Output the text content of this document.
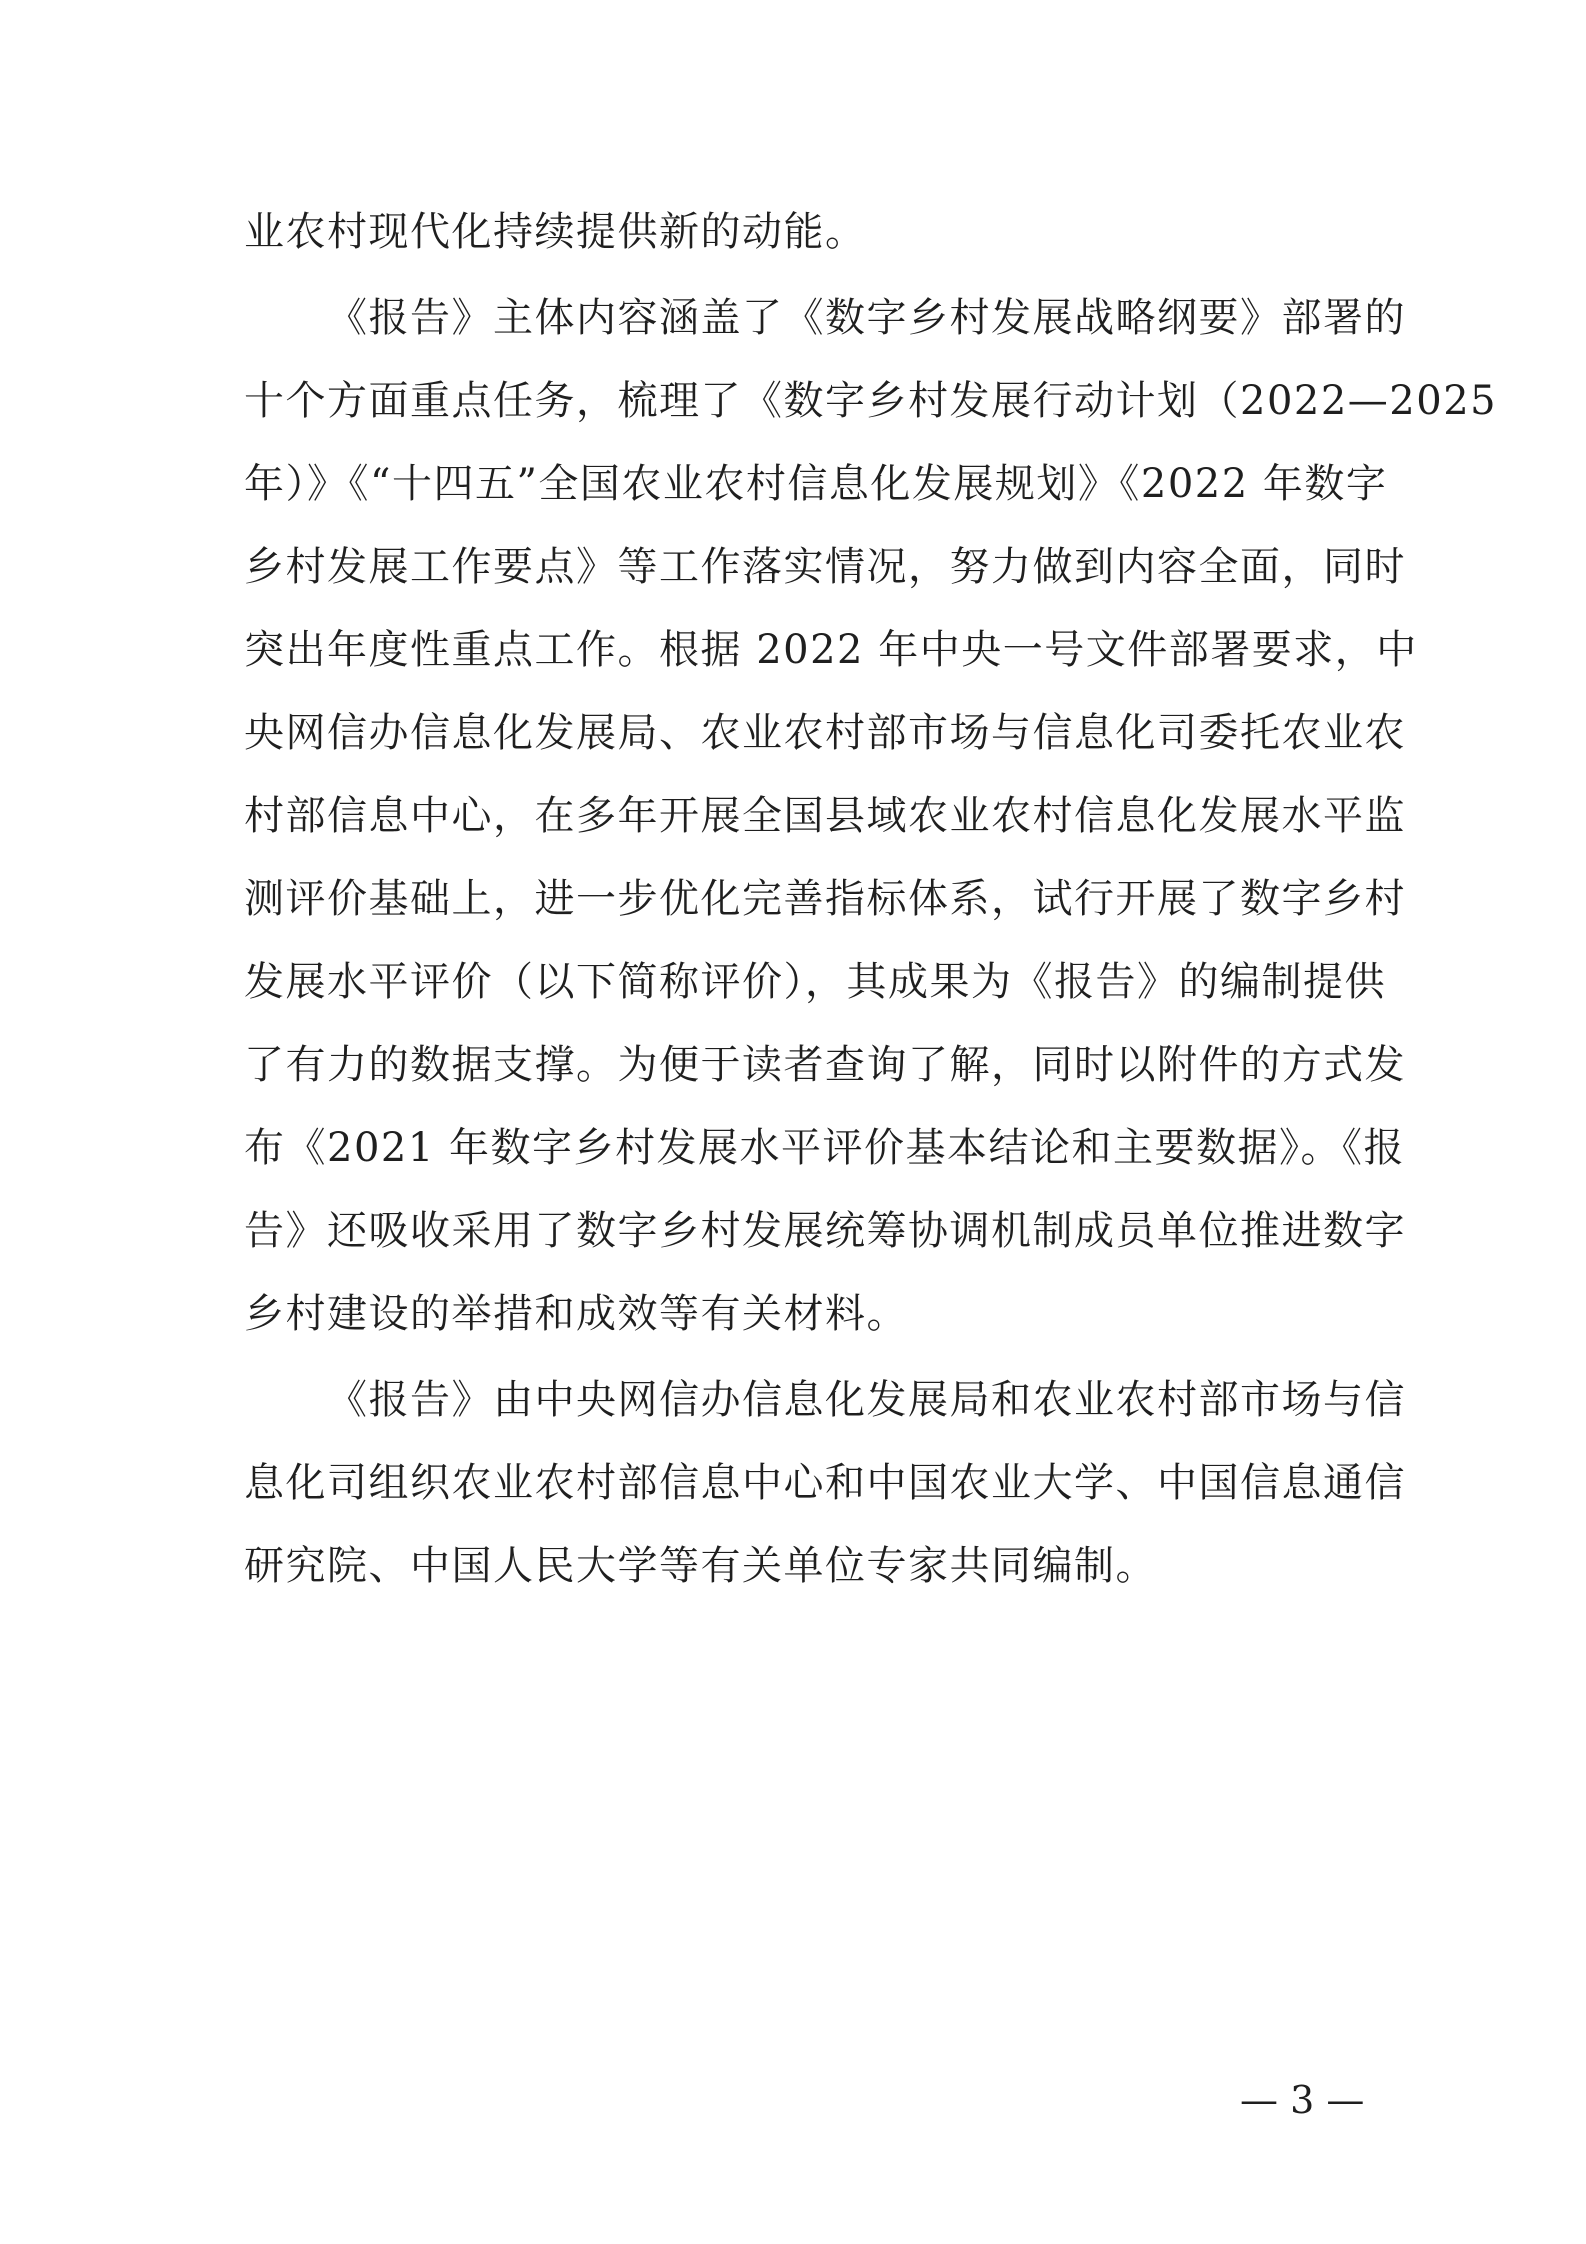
业农村现代化持续提供新的动能。
《报告》主体内容涵盖了《数字乡村发展战略纲要》部署的
十个方面重点任务，梳理了《数字乡村发展行动计划（2022—2025
年）》《“十四五”全国农业农村信息化发展规划》《2022 年数字
乡村发展工作要点》等工作落实情况，努力做到内容全面，同时
突出年度性重点工作。根据 2022 年中央一号文件部署要求，中
央网信办信息化发展局、农业农村部市场与信息化司委托农业农
村部信息中心，在多年开展全国县域农业农村信息化发展水平监
测评价基础上，进一步优化完善指标体系，试行开展了数字乡村
发展水平评价（以下简称评价），其成果为《报告》的编制提供
了有力的数据支撑。为便于读者查询了解，同时以附件的方式发
布《2021 年数字乡村发展水平评价基本结论和主要数据》。《报
告》还吸收采用了数字乡村发展统筹协调机制成员单位推进数字
乡村建设的举措和成效等有关材料。
《报告》由中央网信办信息化发展局和农业农村部市场与信
息化司组织农业农村部信息中心和中国农业大学、中国信息通信
研究院、中国人民大学等有关单位专家共同编制。
— 3 —
